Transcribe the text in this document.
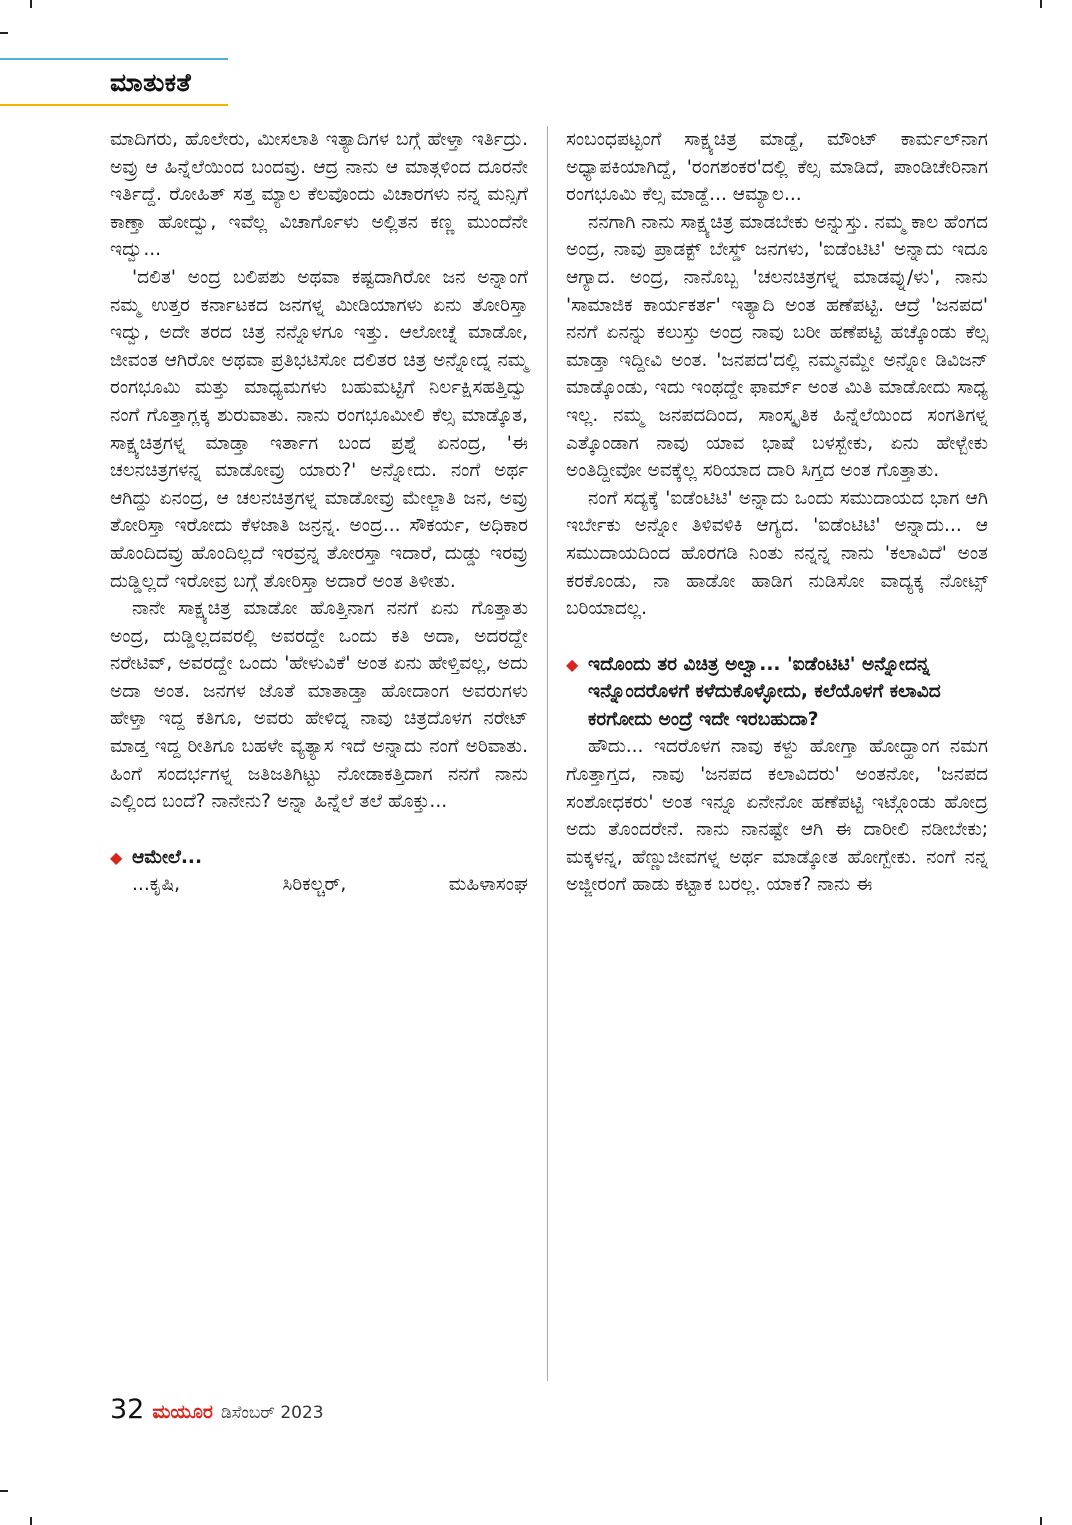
ಮಾತುಕತೆ

ಮಾದಿಗರು, ಹೊಲೇರು, ಮೀಸಲಾತಿ ಇತ್ಯಾದಿಗಳ ಬಗ್ಗೆ ಹೇಳ್ತಾ ಇರ್ತಿದ್ರು. ಅವ್ರು ಆ ಹಿನ್ನೆಲೆಯಿಂದ ಬಂದವ್ರು. ಆದ್ರ ನಾನು ಆ ಮಾತ್ಗಳಿಂದ ದೂರನೇ ಇರ್ತಿದ್ದೆ. ರೋಹಿತ್ ಸತ್ತ ಮ್ಯಾಲ ಕೆಲವೊಂದು ವಿಚಾರಗಳು ನನ್ನ ಮನ್ಸಿಗೆ ಕಾಣ್ತಾ ಹೋದ್ವು, ಇವೆಲ್ಲ ವಿಚಾರ್ಗೊಳು ಅಲ್ಲಿತನ ಕಣ್ಣ ಮುಂದೆನೇ ಇದ್ವು...

'ದಲಿತ' ಅಂದ್ರ ಬಲಿಪಶು ಅಥವಾ ಕಷ್ಟದಾಗಿರೋ ಜನ ಅನ್ನಾಂಗೆ ನಮ್ಮ ಉತ್ತರ ಕರ್ನಾಟಕದ ಜನಗಳ್ನ ಮೀಡಿಯಾಗಳು ಏನು ತೋರಿಸ್ತಾ ಇದ್ವು, ಅದೇ ತರದ ಚಿತ್ರ ನನ್ನೊಳಗೂ ಇತ್ತು. ಆಲೋಚ್ನೆ ಮಾಡೋ, ಜೀವಂತ ಆಗಿರೋ ಅಥವಾ ಪ್ರತಿಭಟಿಸೋ ದಲಿತರ ಚಿತ್ರ ಅನ್ನೋದ್ನ ನಮ್ಮ ರಂಗಭೂಮಿ ಮತ್ತು ಮಾಧ್ಯಮಗಳು ಬಹುಮಟ್ಟಿಗೆ ನಿರ್ಲಕ್ಷಿಸಹತ್ತಿದ್ವು ನಂಗೆ ಗೊತ್ತಾಗ್ಲಕ್ಕ ಶುರುವಾತು. ನಾನು ರಂಗಭೂಮೀಲಿ ಕೆಲ್ಸ ಮಾಡ್ಕೊತ, ಸಾಕ್ಷ್ಯಚಿತ್ರಗಳ್ನ ಮಾಡ್ತಾ ಇರ್ತಾಗ ಬಂದ ಪ್ರಶ್ನೆ ಏನಂದ್ರ, 'ಈ ಚಲನಚಿತ್ರಗಳನ್ನ ಮಾಡೋವ್ರು ಯಾರು?' ಅನ್ನೋದು. ನಂಗೆ ಅರ್ಥ ಆಗಿದ್ದು ಏನಂದ್ರ, ಆ ಚಲನಚಿತ್ರಗಳ್ನ ಮಾಡೋವ್ರು ಮೇಲ್ಜಾತಿ ಜನ, ಅವ್ರು ತೋರಿಸ್ತಾ ಇರೋದು ಕೆಳಜಾತಿ ಜನ್ರನ್ನ. ಅಂದ್ರ... ಸೌಕರ್ಯ, ಅಧಿಕಾರ ಹೊಂದಿದವ್ರು ಹೊಂದಿಲ್ಲದೆ ಇರವ್ರನ್ನ ತೋರಸ್ತಾ ಇದಾರೆ, ದುಡ್ಡು ಇರವ್ರು ದುಡ್ಡಿಲ್ಲದೆ ಇರೋವ್ರ ಬಗ್ಗೆ ತೋರಿಸ್ತಾ ಅದಾರೆ ಅಂತ ತಿಳೀತು.

ನಾನೇ ಸಾಕ್ಷ್ಯಚಿತ್ರ ಮಾಡೋ ಹೊತ್ತಿನಾಗ ನನಗೆ ಏನು ಗೊತ್ತಾತು ಅಂದ್ರ, ದುಡ್ಡಿಲ್ಲದವರಲ್ಲಿ ಅವರದ್ದೇ ಒಂದು ಕತಿ ಅದಾ, ಅದರದ್ದೇ ನರೇಟಿವ್, ಅವರದ್ದೇ ಒಂದು 'ಹೇಳುವಿಕೆ' ಅಂತ ಏನು ಹೇಳ್ತಿವಲ್ಲ, ಅದು ಅದಾ ಅಂತ. ಜನಗಳ ಜೊತೆ ಮಾತಾಡ್ತಾ ಹೋದಾಂಗ ಅವರುಗಳು ಹೇಳ್ತಾ ಇದ್ದ ಕತಿಗೂ, ಅವರು ಹೇಳಿದ್ನ ನಾವು ಚಿತ್ರದೊಳಗ ನರೇಟ್ ಮಾಡ್ತ ಇದ್ದ ರೀತಿಗೂ ಬಹಳೇ ವ್ಯತ್ಯಾಸ ಇದೆ ಅನ್ನಾದು ನಂಗೆ ಅರಿವಾತು. ಹಿಂಗೆ ಸಂದರ್ಭಗಳ್ನ ಜತಿಜತಿಗಿಟ್ಟು ನೋಡಾಕತ್ತಿದಾಗ ನನಗೆ ನಾನು ಎಲ್ಲಿಂದ ಬಂದೆ? ನಾನೇನು? ಅನ್ನಾ ಹಿನ್ನೆಲೆ ತಲೆ ಹೊಕ್ತು...

◆ ಆಮೇಲೆ...

...ಕೃಷಿ, ಸಿರಿಕಲ್ಚರ್, ಮಹಿಳಾಸಂಘ

ಸಂಬಂಧಪಟ್ಟಂಗೆ ಸಾಕ್ಷ್ಯಚಿತ್ರ ಮಾಡ್ದೆ, ಮೌಂಟ್ ಕಾರ್ಮಲ್‌ನಾಗ ಅಧ್ಯಾಪಕಿಯಾಗಿದ್ದೆ, 'ರಂಗಶಂಕರ'ದಲ್ಲಿ ಕೆಲ್ಸ ಮಾಡಿದೆ, ಪಾಂಡಿಚೇರಿನಾಗ ರಂಗಭೂಮಿ ಕೆಲ್ಸ ಮಾಡ್ದೆ... ಆಮ್ಯಾಲ...

ನನಗಾಗಿ ನಾನು ಸಾಕ್ಷ್ಯಚಿತ್ರ ಮಾಡಬೇಕು ಅನ್ನುಸ್ತು. ನಮ್ಮ ಕಾಲ ಹೆಂಗದ ಅಂದ್ರ, ನಾವು ಪ್ರಾಡಕ್ಟ್ ಬೇಸ್ಡ್ ಜನಗಳು, 'ಐಡೆಂಟಿಟಿ' ಅನ್ನಾದು ಇದೂ ಆಗ್ಯಾದ. ಅಂದ್ರ, ನಾನೊಬ್ಬ 'ಚಲನಚಿತ್ರಗಳ್ನ ಮಾಡವ್ನು/ಳು', ನಾನು 'ಸಾಮಾಜಿಕ ಕಾರ್ಯಕರ್ತ' ಇತ್ಯಾದಿ ಅಂತ ಹಣೆಪಟ್ಟಿ. ಆದ್ರೆ 'ಜನಪದ' ನನಗೆ ಏನನ್ನು ಕಲುಸ್ತು ಅಂದ್ರ ನಾವು ಬರೀ ಹಣೆಪಟ್ಟಿ ಹಚ್ಕೊಂಡು ಕೆಲ್ಸ ಮಾಡ್ತಾ ಇದ್ದೀವಿ ಅಂತ. 'ಜನಪದ'ದಲ್ಲಿ ನಮ್ಮನಮ್ದೇ ಅನ್ನೋ ಡಿವಿಜನ್ ಮಾಡ್ಕೊಂಡು, ಇದು ಇಂಥದ್ದೇ ಫಾರ್ಮ್ ಅಂತ ಮಿತಿ ಮಾಡೋದು ಸಾಧ್ಯ ಇಲ್ಲ. ನಮ್ಮ ಜನಪದದಿಂದ, ಸಾಂಸ್ಕೃತಿಕ ಹಿನ್ನೆಲೆಯಿಂದ ಸಂಗತಿಗಳ್ನ ಎತ್ಕೊಂಡಾಗ ನಾವು ಯಾವ ಭಾಷೆ ಬಳಸ್ಬೇಕು, ಏನು ಹೇಳ್ಬೇಕು ಅಂತಿದ್ದೀವೋ ಅವಕ್ಕೆಲ್ಲ ಸರಿಯಾದ ದಾರಿ ಸಿಗ್ತದ ಅಂತ ಗೊತ್ತಾತು.

ನಂಗೆ ಸದ್ಯಕ್ಕೆ 'ಐಡೆಂಟಿಟಿ' ಅನ್ನಾದು ಒಂದು ಸಮುದಾಯದ ಭಾಗ ಆಗಿ ಇರ್ಬೇಕು ಅನ್ನೋ ತಿಳಿವಳಿಕಿ ಆಗ್ಯದ. 'ಐಡೆಂಟಿಟಿ' ಅನ್ನಾದು... ಆ ಸಮುದಾಯದಿಂದ ಹೊರಗಡಿ ನಿಂತು ನನ್ನನ್ನ ನಾನು 'ಕಲಾವಿದೆ' ಅಂತ ಕರಕೊಂಡು, ನಾ ಹಾಡೋ ಹಾಡಿಗ ನುಡಿಸೋ ವಾದ್ಯಕ್ಕ ನೋಟ್ಸ್ ಬರಿಯಾದಲ್ಲ.

◆ ಇದೊಂದು ತರ ವಿಚಿತ್ರ ಅಲ್ವಾ... 'ಐಡೆಂಟಿಟಿ' ಅನ್ನೋದನ್ನ ಇನ್ನೊಂದರೊಳಗೆ ಕಳೆದುಕೊಳ್ಳೋದು, ಕಲೆಯೊಳಗೆ ಕಲಾವಿದ ಕರಗೋದು ಅಂದ್ರೆ ಇದೇ ಇರಬಹುದಾ?

ಹೌದು... ಇದರೊಳಗ ನಾವು ಕಳ್ದು ಹೋಗ್ತಾ ಹೋದ್ಹಾಂಗ ನಮಗ ಗೊತ್ತಾಗ್ತದ, ನಾವು 'ಜನಪದ ಕಲಾವಿದರು' ಅಂತನೋ, 'ಜನಪದ ಸಂಶೋಧಕರು' ಅಂತ ಇನ್ನೂ ಏನೇನೋ ಹಣೆಪಟ್ಟಿ ಇಟ್ಗೊಂಡು ಹೋದ್ರ ಅದು ತೊಂದರೇನೆ. ನಾನು ನಾನಷ್ಟೇ ಆಗಿ ಈ ದಾರೀಲಿ ನಡೀಬೇಕು; ಮಕ್ಕಳನ್ನ, ಹೆಣ್ಣುಜೀವಗಳ್ನ ಅರ್ಥ ಮಾಡ್ಕೋತ ಹೋಗ್ಬೇಕು. ನಂಗೆ ನನ್ನ ಅಜ್ಜೀರಂಗೆ ಹಾಡು ಕಟ್ಟಾಕ ಬರಲ್ಲ. ಯಾಕ? ನಾನು ಈ

32 ಮಯೂರ ಡಿಸೆಂಬರ್ 2023
